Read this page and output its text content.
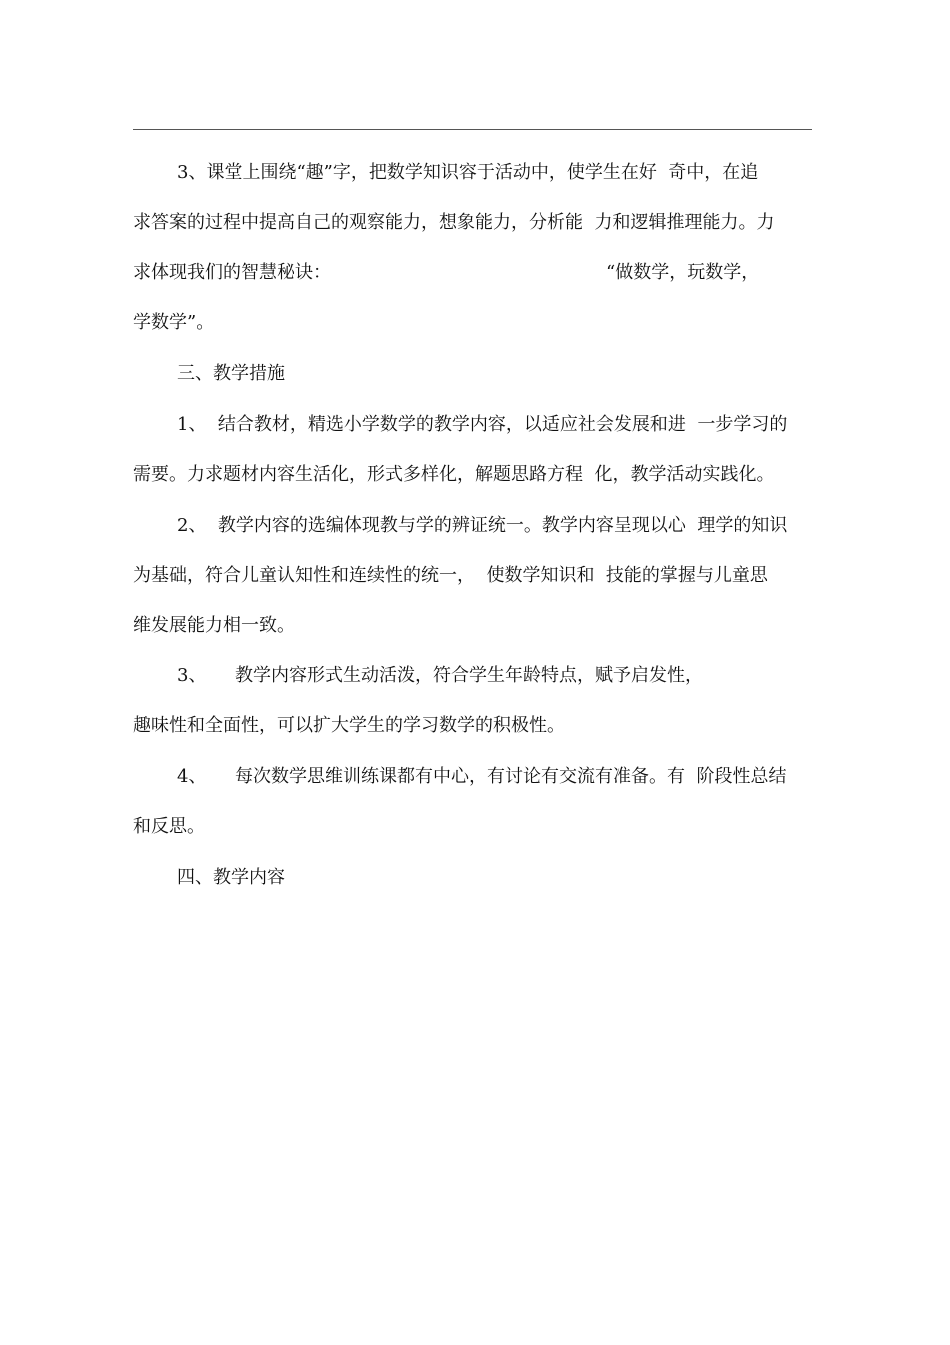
3、课堂上围绕“趣”字，把数学知识容于活动中，使学生在好  奇中，在追
求答案的过程中提高自己的观察能力，想象能力，分析能  力和逻辑推理能力。力
求体现我们的智慧秘诀：	“做数学，玩数学，
学数学”。
三、教学措施
1、  结合教材，精选小学数学的教学内容，以适应社会发展和进  一步学习的
需要。力求题材内容生活化，形式多样化，解题思路方程  化，教学活动实践化。
2、  教学内容的选编体现教与学的辨证统一。教学内容呈现以心  理学的知识
为基础，符合儿童认知性和连续性的统一，  使数学知识和  技能的掌握与儿童思
维发展能力相一致。
3、     教学内容形式生动活泼，符合学生年龄特点，赋予启发性，
趣味性和全面性，可以扩大学生的学习数学的积极性。
4、     每次数学思维训练课都有中心，有讨论有交流有准备。有  阶段性总结
和反思。
四、教学内容
